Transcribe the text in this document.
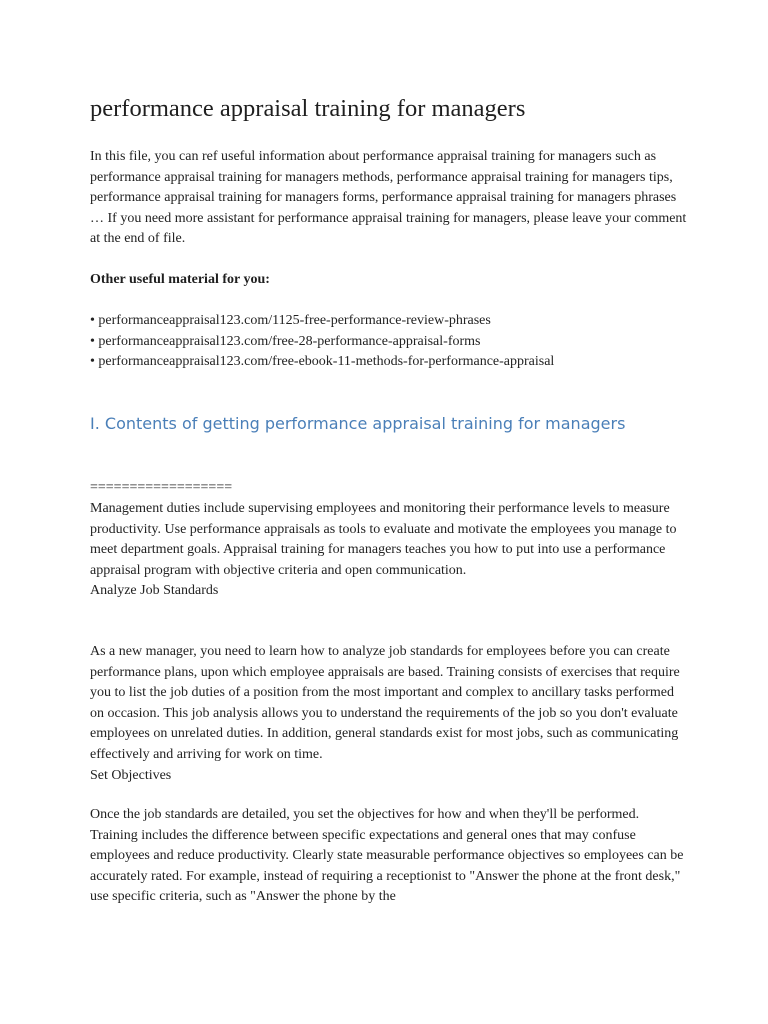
performance appraisal training for managers

In this file, you can ref useful information about performance appraisal training for managers such as performance appraisal training for managers methods, performance appraisal training for managers tips, performance appraisal training for managers forms, performance appraisal training for managers phrases … If you need more assistant for performance appraisal training for managers, please leave your comment at the end of file.

Other useful material for you:

• performanceappraisal123.com/1125-free-performance-review-phrases
• performanceappraisal123.com/free-28-performance-appraisal-forms
• performanceappraisal123.com/free-ebook-11-methods-for-performance-appraisal
I. Contents of getting performance appraisal training for managers

==================

Management duties include supervising employees and monitoring their performance levels to measure productivity. Use performance appraisals as tools to evaluate and motivate the employees you manage to meet department goals. Appraisal training for managers teaches you how to put into use a performance appraisal program with objective criteria and open communication.
Analyze Job Standards
As a new manager, you need to learn how to analyze job standards for employees before you can create performance plans, upon which employee appraisals are based. Training consists of exercises that require you to list the job duties of a position from the most important and complex to ancillary tasks performed on occasion. This job analysis allows you to understand the requirements of the job so you don't evaluate employees on unrelated duties. In addition, general standards exist for most jobs, such as communicating effectively and arriving for work on time.
Set Objectives
Once the job standards are detailed, you set the objectives for how and when they'll be performed. Training includes the difference between specific expectations and general ones that may confuse employees and reduce productivity. Clearly state measurable performance objectives so employees can be accurately rated. For example, instead of requiring a receptionist to "Answer the phone at the front desk," use specific criteria, such as "Answer the phone by the
